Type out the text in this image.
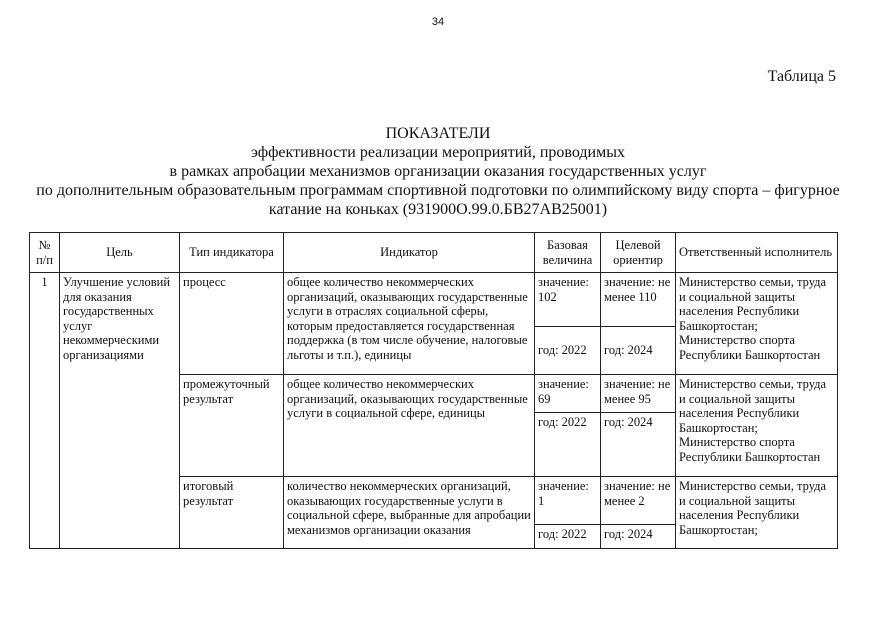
34
Таблица 5
ПОКАЗАТЕЛИ
эффективности реализации мероприятий, проводимых
в рамках апробации механизмов организации оказания государственных услуг
по дополнительным образовательным программам спортивной подготовки по олимпийскому виду спорта – фигурное
катание на коньках (931900О.99.0.БВ27АВ25001)
№ п/п	Цель	Тип индикатора	Индикатор	Базовая величина	Целевой ориентир	Ответственный исполнитель
1	Улучшение условий для оказания государственных услуг некоммерческими организациями	процесс	общее количество некоммерческих организаций, оказывающих государственные услуги в отраслях социальной сферы, которым предоставляется государственная поддержка (в том числе обучение, налоговые льготы и т.п.), единицы	значение: 102	значение: не менее 110	Министерство семьи, труда и социальной защиты населения Республики Башкортостан; Министерство спорта Республики Башкортостан
				год: 2022	год: 2024	
		промежуточный результат	общее количество некоммерческих организаций, оказывающих государственные услуги в социальной сфере, единицы	значение: 69	значение: не менее 95	Министерство семьи, труда и социальной защиты населения Республики Башкортостан; Министерство спорта Республики Башкортостан
				год: 2022	год: 2024	
		итоговый результат	количество некоммерческих организаций, оказывающих государственные услуги в социальной сфере, выбранные для апробации механизмов организации оказания	значение: 1	значение: не менее 2	Министерство семьи, труда и социальной защиты населения Республики Башкортостан;
				год: 2022	год: 2024	
